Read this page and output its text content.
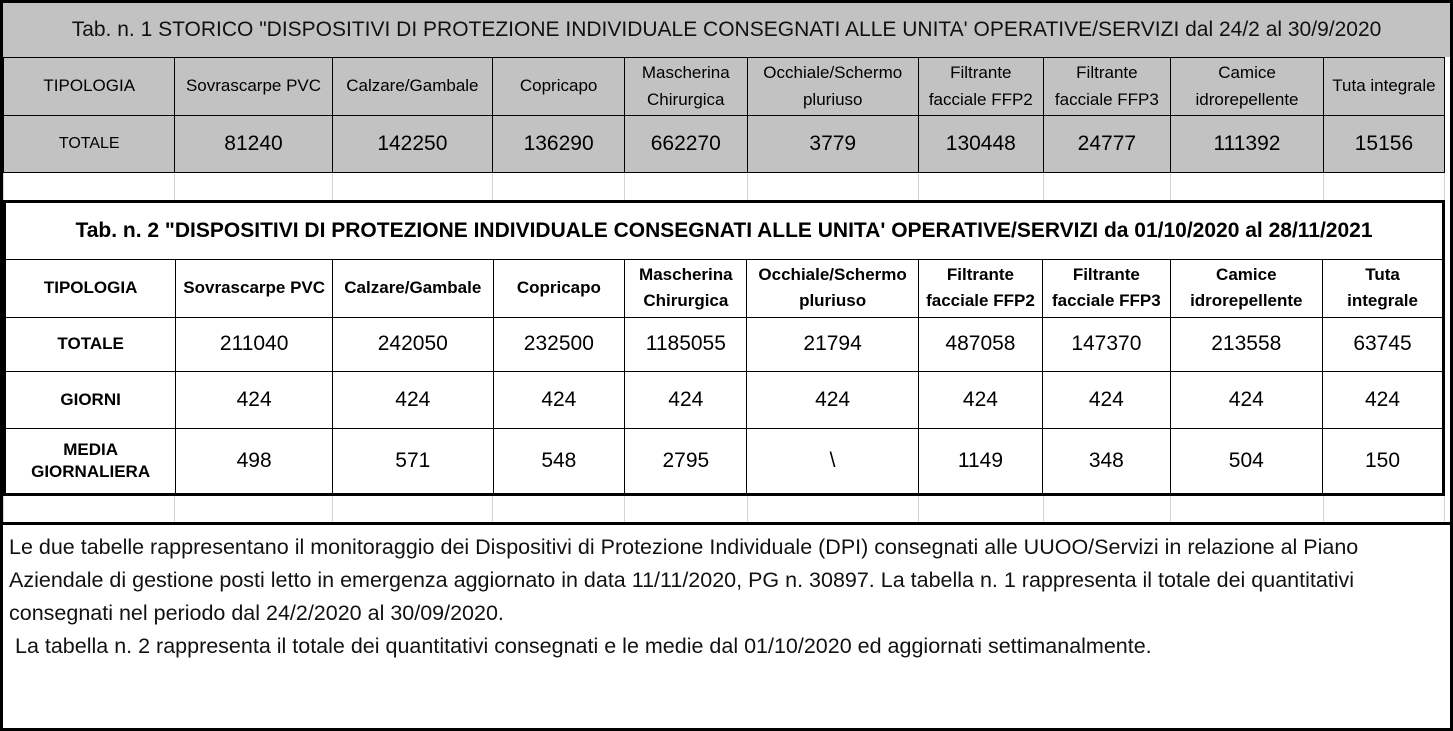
Tab. n. 1 STORICO "DISPOSITIVI DI PROTEZIONE INDIVIDUALE CONSEGNATI ALLE UNITA' OPERATIVE/SERVIZI dal 24/2 al 30/9/2020
TIPOLOGIA	Sovrascarpe PVC	Calzare/Gambale	Copricapo	Mascherina Chirurgica	Occhiale/Schermo pluriuso	Filtrante facciale FFP2	Filtrante facciale FFP3	Camice idrorepellente	Tuta integrale
TOTALE	81240	142250	136290	662270	3779	130448	24777	111392	15156

Tab. n. 2 "DISPOSITIVI DI PROTEZIONE INDIVIDUALE CONSEGNATI ALLE UNITA' OPERATIVE/SERVIZI da 01/10/2020 al 28/11/2021									
TIPOLOGIA	Sovrascarpe PVC	Calzare/Gambale	Copricapo	Mascherina Chirurgica	Occhiale/Schermo pluriuso	Filtrante facciale FFP2	Filtrante facciale FFP3	Camice idrorepellente	Tuta integrale
TOTALE	211040	242050	232500	1185055	21794	487058	147370	213558	63745
GIORNI	424	424	424	424	424	424	424	424	424
MEDIA GIORNALIERA	498	571	548	2795	\	1149	348	504	150

Le due tabelle rappresentano il monitoraggio dei Dispositivi di Protezione Individuale (DPI) consegnati alle UUOO/Servizi in relazione al Piano Aziendale di gestione posti letto in emergenza aggiornato in data 11/11/2020, PG n. 30897. La tabella n. 1 rappresenta il totale dei quantitativi consegnati nel periodo dal 24/2/2020 al 30/09/2020.

La tabella n. 2 rappresenta il totale dei quantitativi consegnati e le medie dal 01/10/2020 ed aggiornati settimanalmente.
